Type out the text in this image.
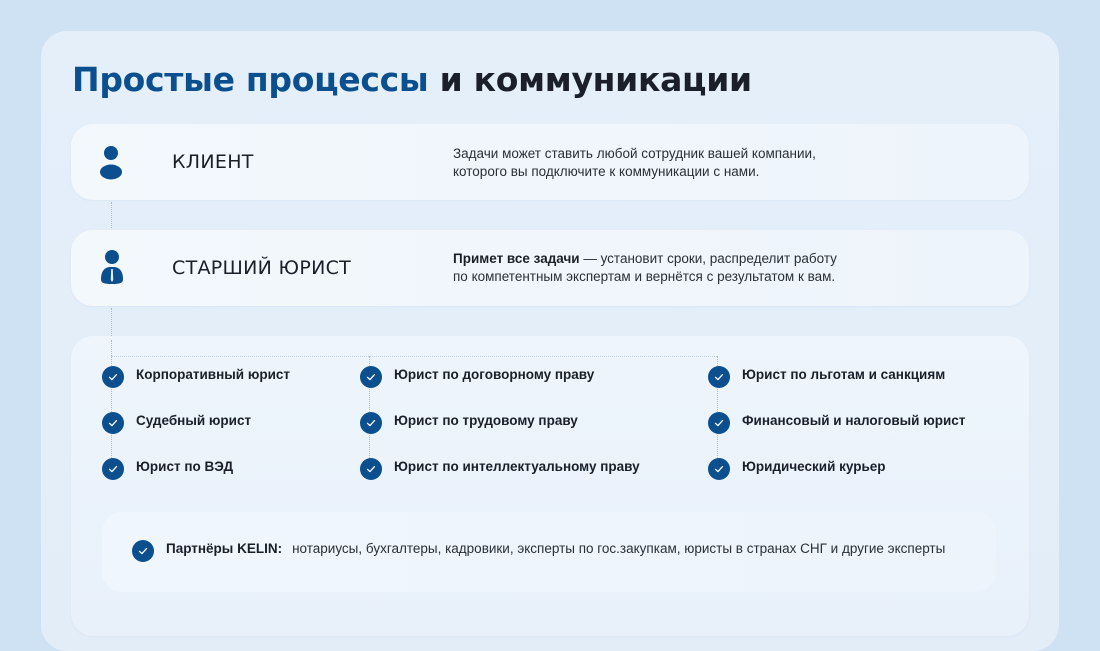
Простые процессы и коммуникации
КЛИЕНТ	Задачи может ставить любой сотрудник вашей компании,
которого вы подключите к коммуникации с нами.
СТАРШИЙ ЮРИСТ	Примет все задачи — установит сроки, распределит работу
по компетентным экспертам и вернётся с результатом к вам.
Корпоративный юрист
Судебный юрист
Юрист по ВЭД
Юрист по договорному праву
Юрист по трудовому праву
Юрист по интеллектуальному праву
Юрист по льготам и санкциям
Финансовый и налоговый юрист
Юридический курьер
Партнёры KELIN: нотариусы, бухгалтеры, кадровики, эксперты по гос.закупкам, юристы в странах СНГ и другие эксперты
